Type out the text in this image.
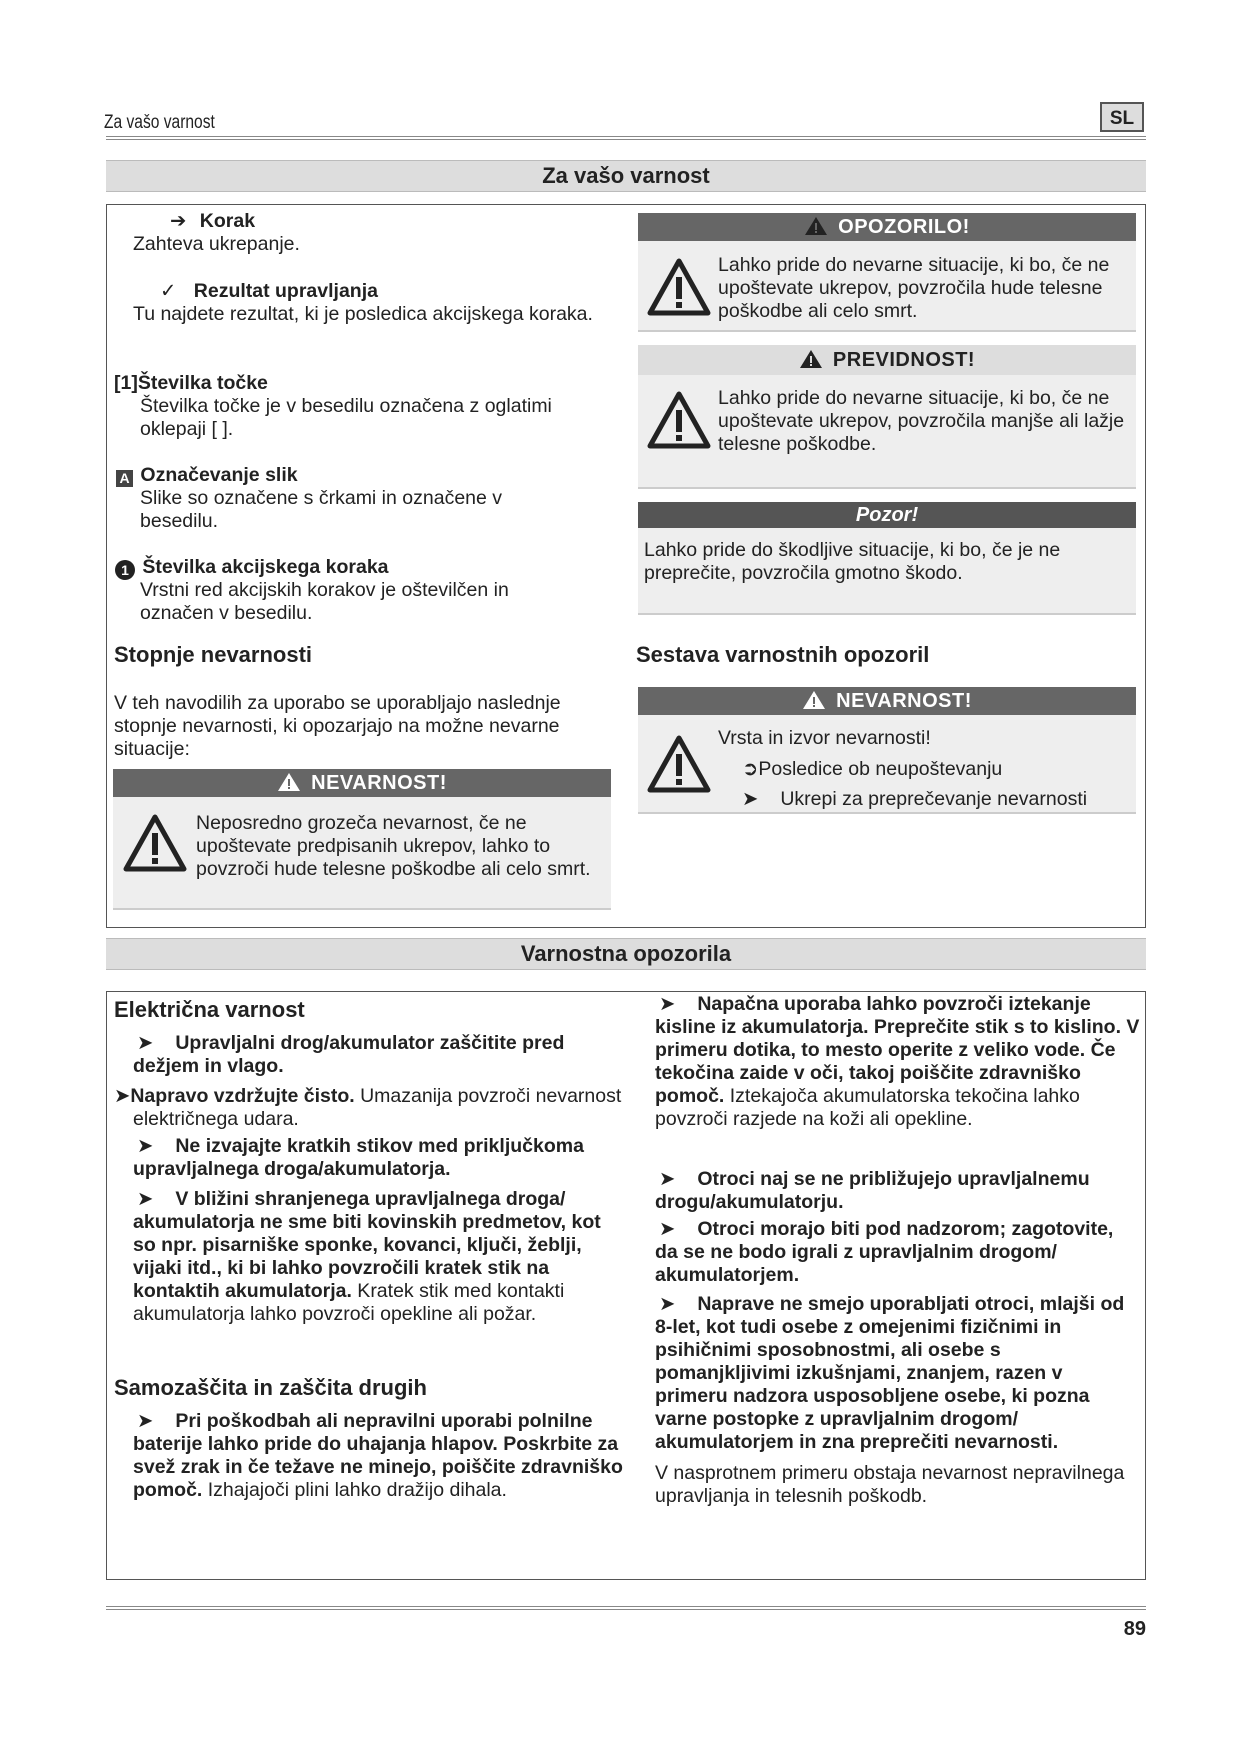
Za vašo varnost	SL
Za vašo varnost
➔ Korak
Zahteva ukrepanje.
✓ Rezultat upravljanja
Tu najdete rezultat, ki je posledica akcijskega koraka.
[1]Številka točke
Številka točke je v besedilu označena z oglatimi oklepaji [ ].
A Označevanje slik
Slike so označene s črkami in označene v besedilu.
1 Številka akcijskega koraka
Vrstni red akcijskih korakov je oštevilčen in označen v besedilu.
Stopnje nevarnosti
V teh navodilih za uporabo se uporabljajo naslednje stopnje nevarnosti, ki opozarjajo na možne nevarne situacije:
NEVARNOST!
Neposredno grozeča nevarnost, če ne upoštevate predpisanih ukrepov, lahko to povzroči hude telesne poškodbe ali celo smrt.
OPOZORILO!
Lahko pride do nevarne situacije, ki bo, če ne upoštevate ukrepov, povzročila hude telesne poškodbe ali celo smrt.
PREVIDNOST!
Lahko pride do nevarne situacije, ki bo, če ne upoštevate ukrepov, povzročila manjše ali lažje telesne poškodbe.
Pozor!
Lahko pride do škodljive situacije, ki bo, če je ne preprečite, povzročila gmotno škodo.
Sestava varnostnih opozoril
NEVARNOST!
Vrsta in izvor nevarnosti!
➲Posledice ob neupoštevanju
➤ Ukrepi za preprečevanje nevarnosti
Varnostna opozorila
Električna varnost
➤ Upravljalni drog/akumulator zaščitite pred dežjem in vlago.
➤Napravo vzdržujte čisto. Umazanija povzroči nevarnost električnega udara.
➤ Ne izvajajte kratkih stikov med priključkoma upravljalnega droga/akumulatorja.
➤ V bližini shranjenega upravljalnega droga/ akumulatorja ne sme biti kovinskih predmetov, kot so npr. pisarniške sponke, kovanci, ključi, žeblji, vijaki itd., ki bi lahko povzročili kratek stik na kontaktih akumulatorja. Kratek stik med kontakti akumulatorja lahko povzroči opekline ali požar.
Samozaščita in zaščita drugih
➤ Pri poškodbah ali nepravilni uporabi polnilne baterije lahko pride do uhajanja hlapov. Poskrbite za svež zrak in če težave ne minejo, poiščite zdravniško pomoč. Izhajajoči plini lahko dražijo dihala.
➤ Napačna uporaba lahko povzroči iztekanje kisline iz akumulatorja. Preprečite stik s to kislino. V primeru dotika, to mesto operite z veliko vode. Če tekočina zaide v oči, takoj poiščite zdravniško pomoč. Iztekajoča akumulatorska tekočina lahko povzroči razjede na koži ali opekline.
➤ Otroci naj se ne približujejo upravljalnemu drogu/akumulatorju.
➤ Otroci morajo biti pod nadzorom; zagotovite, da se ne bodo igrali z upravljalnim drogom/ akumulatorjem.
➤ Naprave ne smejo uporabljati otroci, mlajši od 8-let, kot tudi osebe z omejenimi fizičnimi in psihičnimi sposobnostmi, ali osebe s pomanjkljivimi izkušnjami, znanjem, razen v primeru nadzora usposobljene osebe, ki pozna varne postopke z upravljalnim drogom/ akumulatorjem in zna preprečiti nevarnosti.
V nasprotnem primeru obstaja nevarnost nepravilnega upravljanja in telesnih poškodb.
89
